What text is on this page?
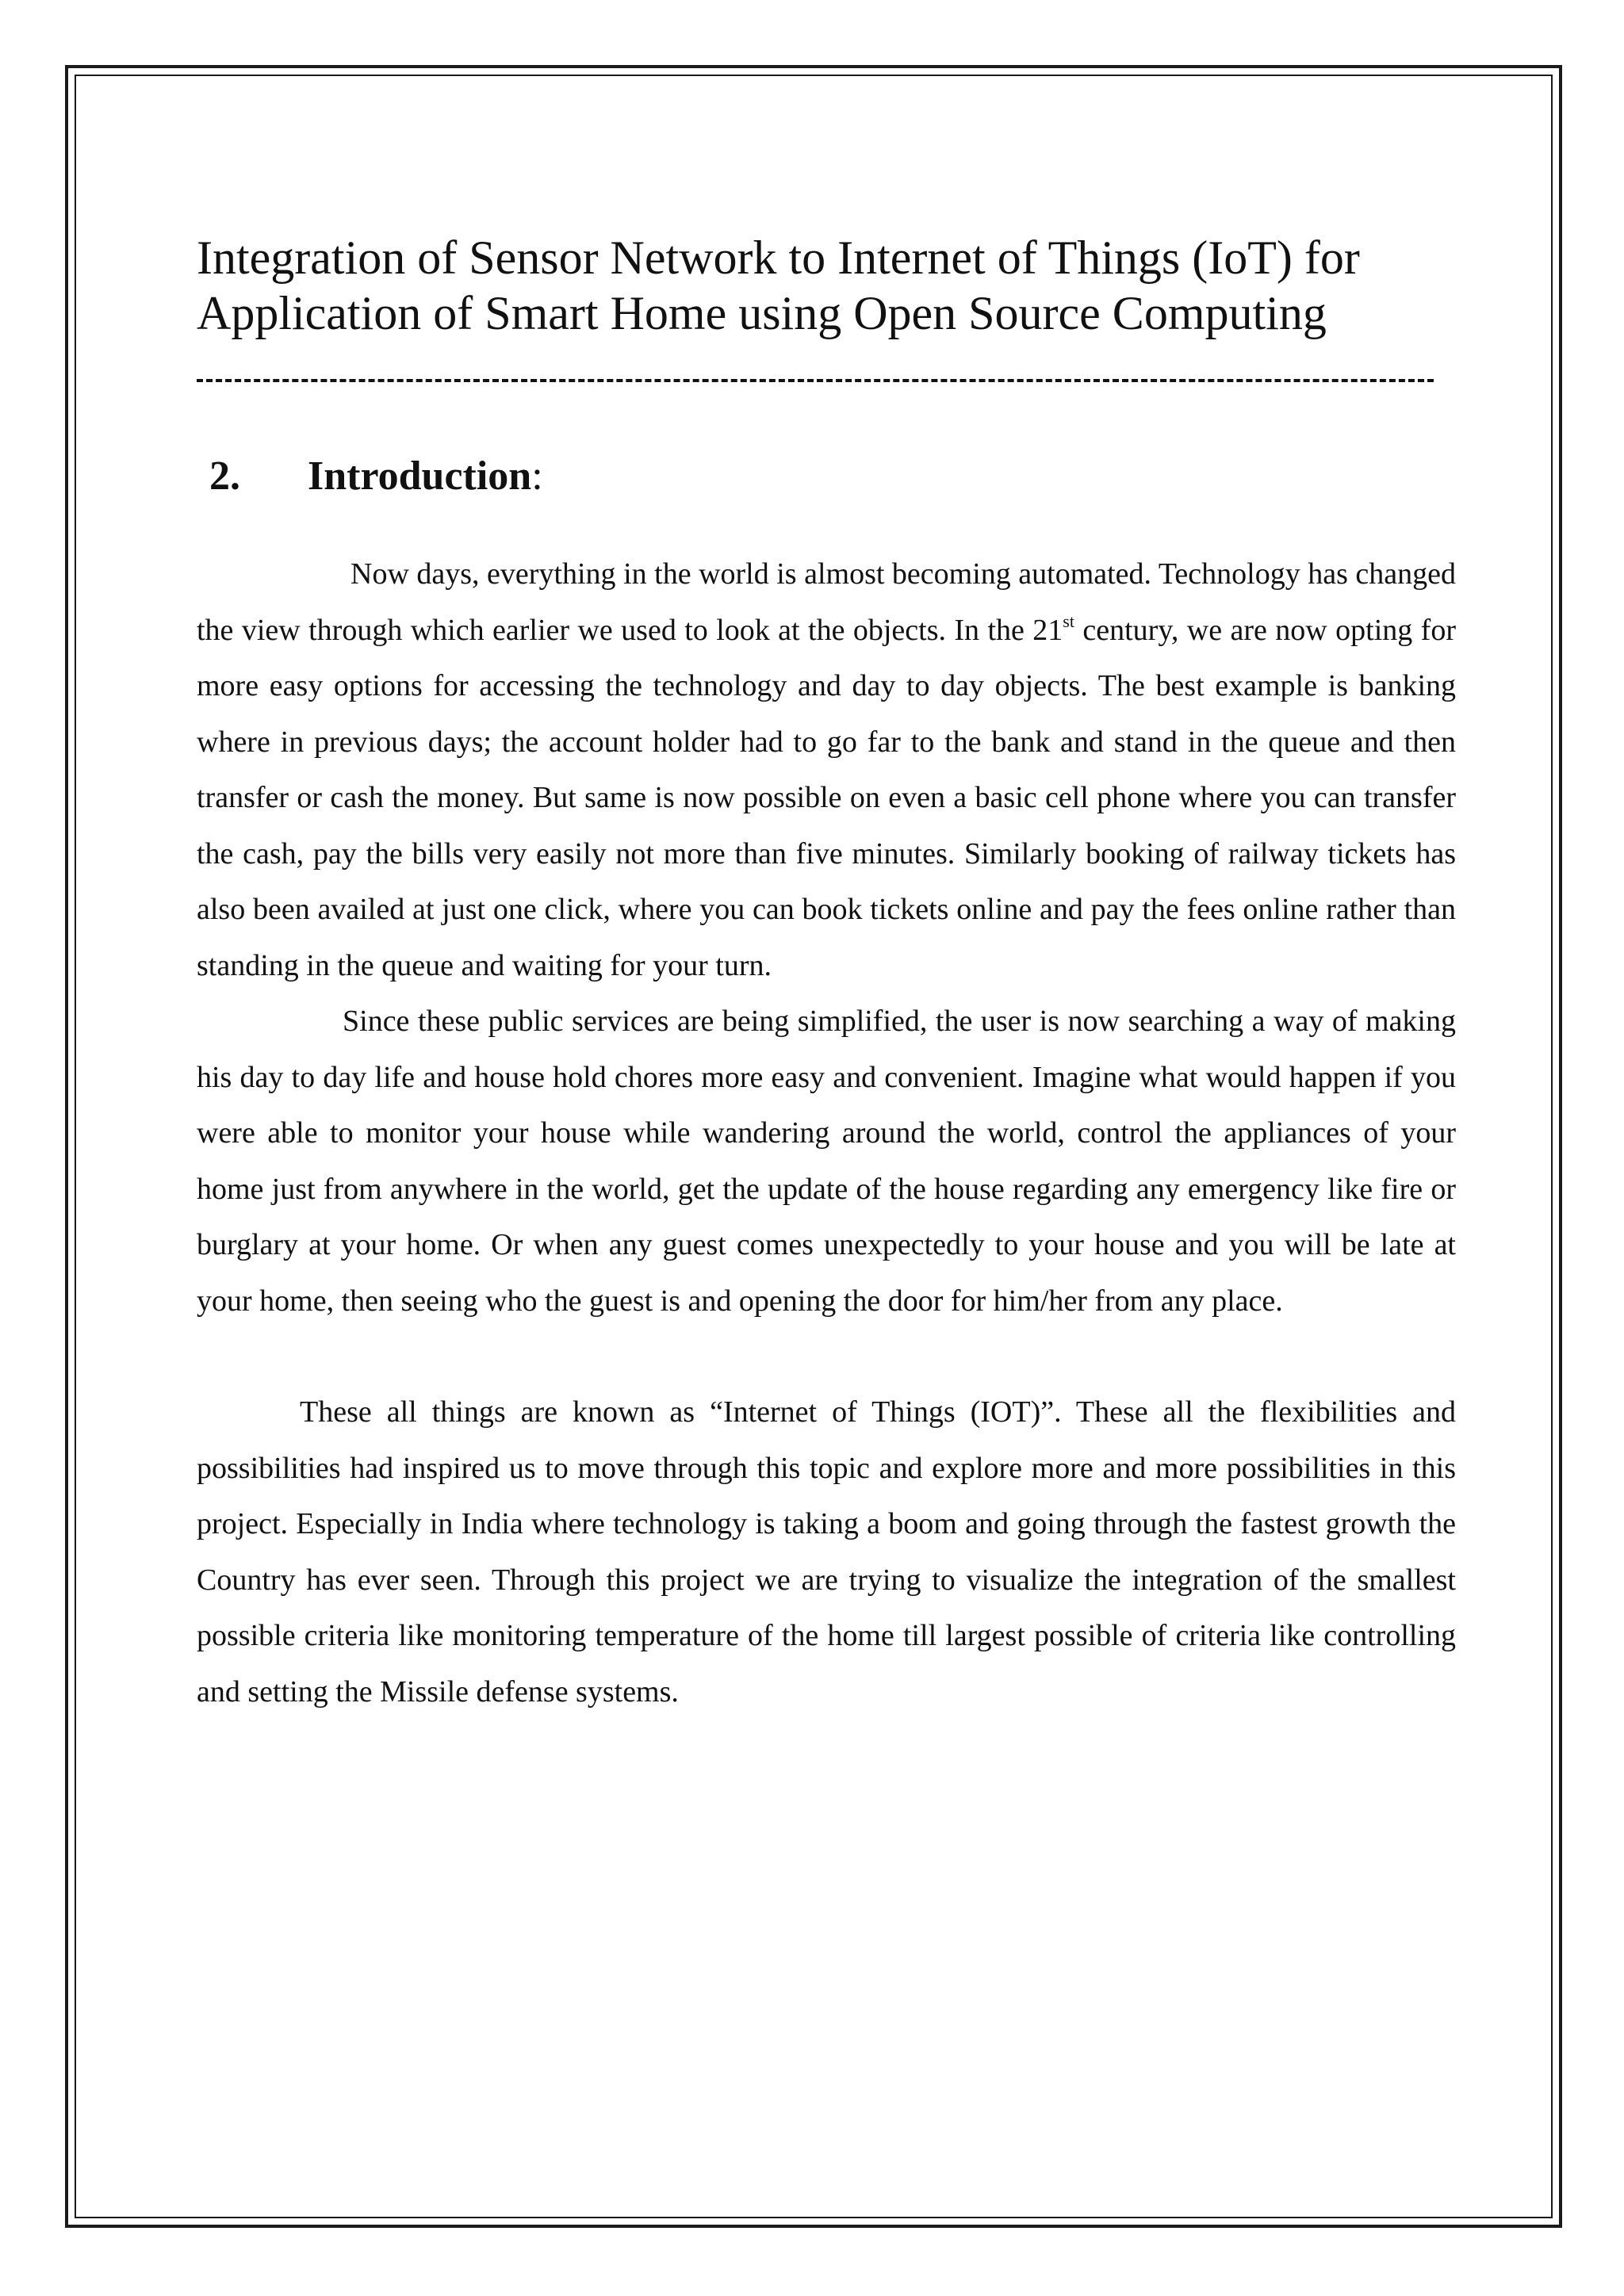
Integration of Sensor Network to Internet of Things (IoT) for
Application of Smart Home using Open Source Computing
2. Introduction:

Now days, everything in the world is almost becoming automated. Technology has changed the view through which earlier we used to look at the objects. In the 21st century, we are now opting for more easy options for accessing the technology and day to day objects. The best example is banking where in previous days; the account holder had to go far to the bank and stand in the queue and then transfer or cash the money. But same is now possible on even a basic cell phone where you can transfer the cash, pay the bills very easily not more than five minutes. Similarly booking of railway tickets has also been availed at just one click, where you can book tickets online and pay the fees online rather than standing in the queue and waiting for your turn.

Since these public services are being simplified, the user is now searching a way of making his day to day life and house hold chores more easy and convenient. Imagine what would happen if you were able to monitor your house while wandering around the world, control the appliances of your home just from anywhere in the world, get the update of the house regarding any emergency like fire or burglary at your home. Or when any guest comes unexpectedly to your house and you will be late at your home, then seeing who the guest is and opening the door for him/her from any place.

These all things are known as “Internet of Things (IOT)”. These all the flexibilities and possibilities had inspired us to move through this topic and explore more and more possibilities in this project. Especially in India where technology is taking a boom and going through the fastest growth the Country has ever seen. Through this project we are trying to visualize the integration of the smallest possible criteria like monitoring temperature of the home till largest possible of criteria like controlling and setting the Missile defense systems.
